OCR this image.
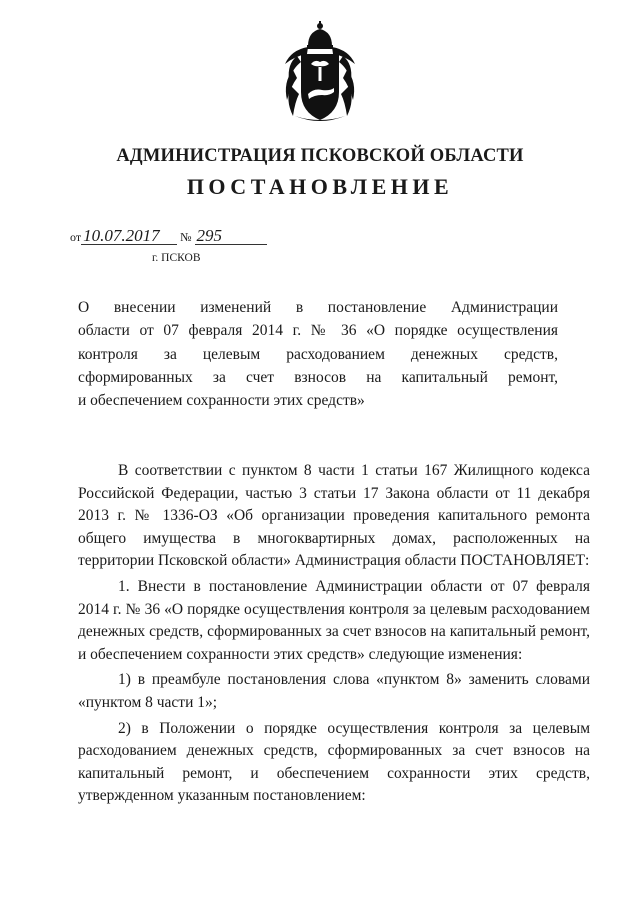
АДМИНИСТРАЦИЯ ПСКОВСКОЙ ОБЛАСТИ
ПОСТАНОВЛЕНИЕ
от 10.07.2017 № 295
г. ПСКОВ
О внесении изменений в постановление Администрации
области от 07 февраля 2014 г. № 36 «О порядке осуществления
контроля за целевым расходованием денежных средств,
сформированных за счет взносов на капитальный ремонт,
и обеспечением сохранности этих средств»

В соответствии с пунктом 8 части 1 статьи 167 Жилищного кодекса Российской Федерации, частью 3 статьи 17 Закона области от 11 декабря 2013 г. № 1336-ОЗ «Об организации проведения капитального ремонта общего имущества в многоквартирных домах, расположенных на территории Псковской области» Администрация области ПОСТАНОВЛЯЕТ:

1. Внести в постановление Администрации области от 07 февраля 2014 г. № 36 «О порядке осуществления контроля за целевым расходованием денежных средств, сформированных за счет взносов на капитальный ремонт, и обеспечением сохранности этих средств» следующие изменения:

1) в преамбуле постановления слова «пунктом 8» заменить словами «пунктом 8 части 1»;

2) в Положении о порядке осуществления контроля за целевым расходованием денежных средств, сформированных за счет взносов на капитальный ремонт, и обеспечением сохранности этих средств, утвержденном указанным постановлением:
